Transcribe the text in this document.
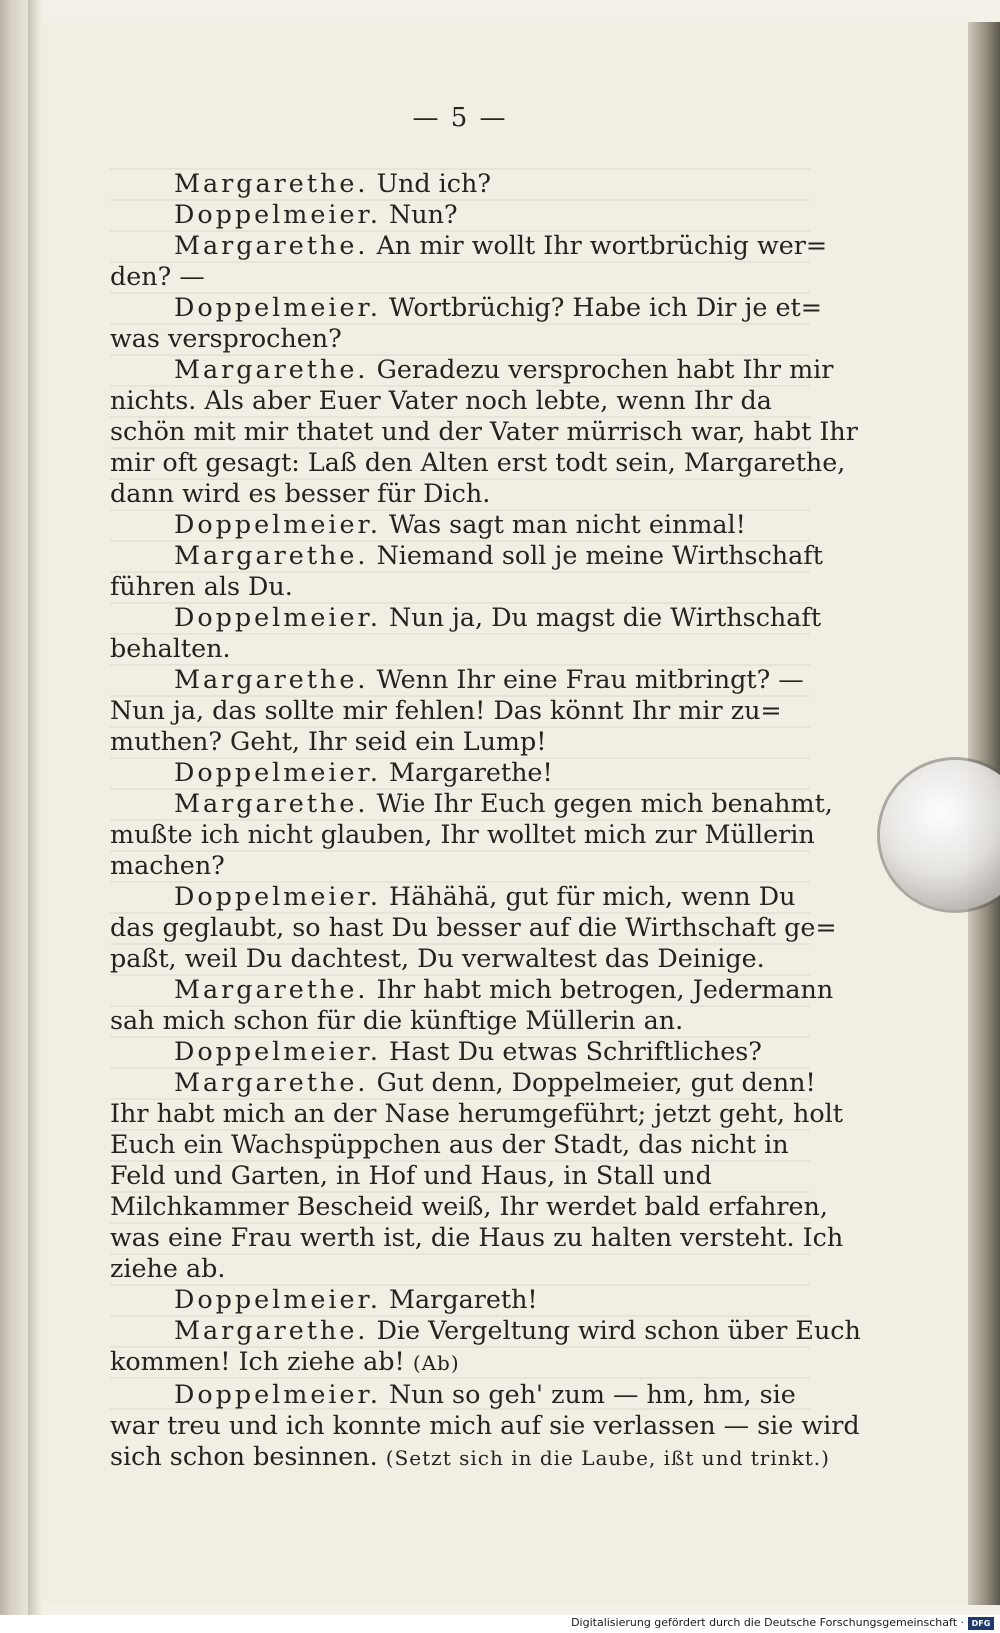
— 5 —
Margarethe. Und ich?
Doppelmeier. Nun?
Margarethe. An mir wollt Ihr wortbrüchig wer=
den? —
Doppelmeier. Wortbrüchig? Habe ich Dir je et=
was versprochen?
Margarethe. Geradezu versprochen habt Ihr mir
nichts. Als aber Euer Vater noch lebte, wenn Ihr da
schön mit mir thatet und der Vater mürrisch war, habt Ihr
mir oft gesagt: Laß den Alten erst todt sein, Margarethe,
dann wird es besser für Dich.
Doppelmeier. Was sagt man nicht einmal!
Margarethe. Niemand soll je meine Wirthschaft
führen als Du.
Doppelmeier. Nun ja, Du magst die Wirthschaft
behalten.
Margarethe. Wenn Ihr eine Frau mitbringt? —
Nun ja, das sollte mir fehlen! Das könnt Ihr mir zu=
muthen? Geht, Ihr seid ein Lump!
Doppelmeier. Margarethe!
Margarethe. Wie Ihr Euch gegen mich benahmt,
mußte ich nicht glauben, Ihr wolltet mich zur Müllerin
machen?
Doppelmeier. Hähähä, gut für mich, wenn Du
das geglaubt, so hast Du besser auf die Wirthschaft ge=
paßt, weil Du dachtest, Du verwaltest das Deinige.
Margarethe. Ihr habt mich betrogen, Jedermann
sah mich schon für die künftige Müllerin an.
Doppelmeier. Hast Du etwas Schriftliches?
Margarethe. Gut denn, Doppelmeier, gut denn!
Ihr habt mich an der Nase herumgeführt; jetzt geht, holt
Euch ein Wachspüppchen aus der Stadt, das nicht in
Feld und Garten, in Hof und Haus, in Stall und
Milchkammer Bescheid weiß, Ihr werdet bald erfahren,
was eine Frau werth ist, die Haus zu halten versteht. Ich
ziehe ab.
Doppelmeier. Margareth!
Margarethe. Die Vergeltung wird schon über Euch
kommen! Ich ziehe ab! (Ab)
Doppelmeier. Nun so geh' zum — hm, hm, sie
war treu und ich konnte mich auf sie verlassen — sie wird
sich schon besinnen. (Setzt sich in die Laube, ißt und trinkt.)
Digitalisierung gefördert durch die Deutsche Forschungsgemeinschaft · DFG
